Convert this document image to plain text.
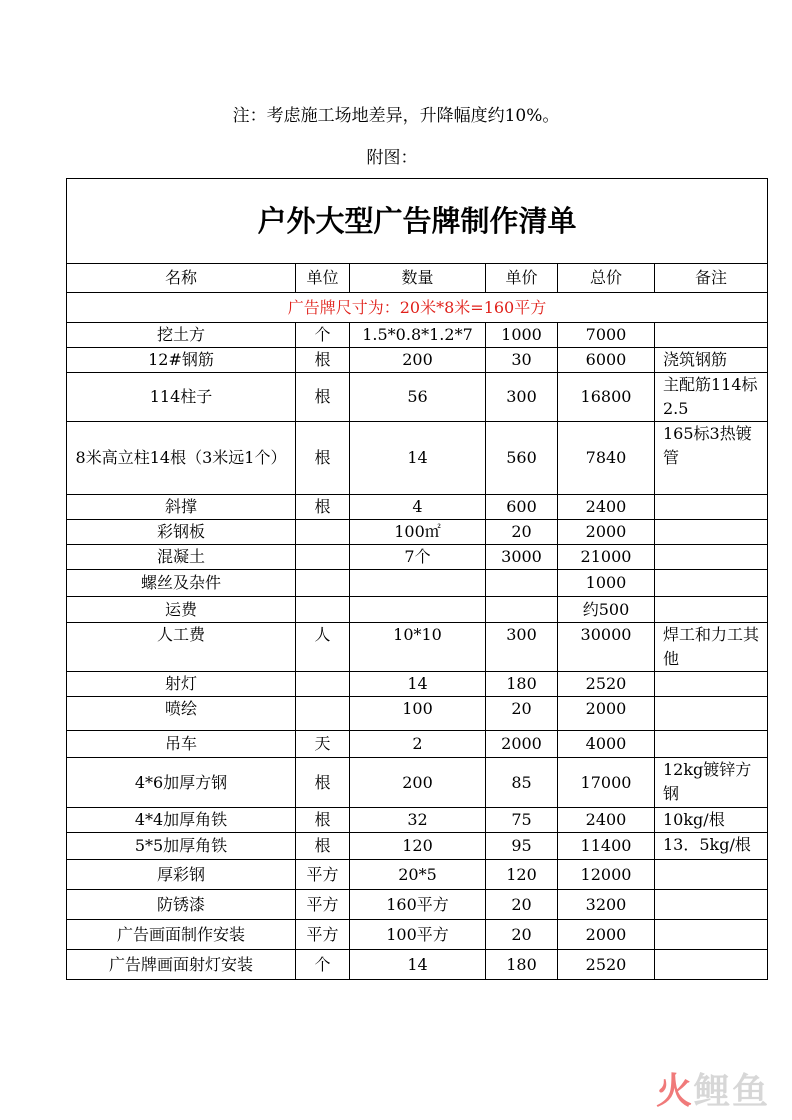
注：考虑施工场地差异，升降幅度约10%。
附图：
户外大型广告牌制作清单					
名称	单位	数量	单价	总价	备注
广告牌尺寸为：20米*8米=160平方					
挖土方	个	1.5*0.8*1.2*7	1000	7000	
12#钢筋	根	200	30	6000	浇筑钢筋
114柱子	根	56	300	16800	主配筋114标2.5
8米高立柱14根（3米远1个）	根	14	560	7840	165标3热镀管
斜撑	根	4	600	2400	
彩钢板		100㎡	20	2000	
混凝土		7个	3000	21000	
螺丝及杂件				1000	
运费				约500	
人工费	人	10*10	300	30000	焊工和力工其他
射灯		14	180	2520	
喷绘		100	20	2000	
吊车	天	2	2000	4000	
4*6加厚方钢	根	200	85	17000	12kg镀锌方钢
4*4加厚角铁	根	32	75	2400	10kg/根
5*5加厚角铁	根	120	95	11400	13．5kg/根
厚彩钢	平方	20*5	120	12000	
防锈漆	平方	160平方	20	3200	
广告画面制作安装	平方	100平方	20	2000	
广告牌画面射灯安装	个	14	180	2520	
火鲤鱼
